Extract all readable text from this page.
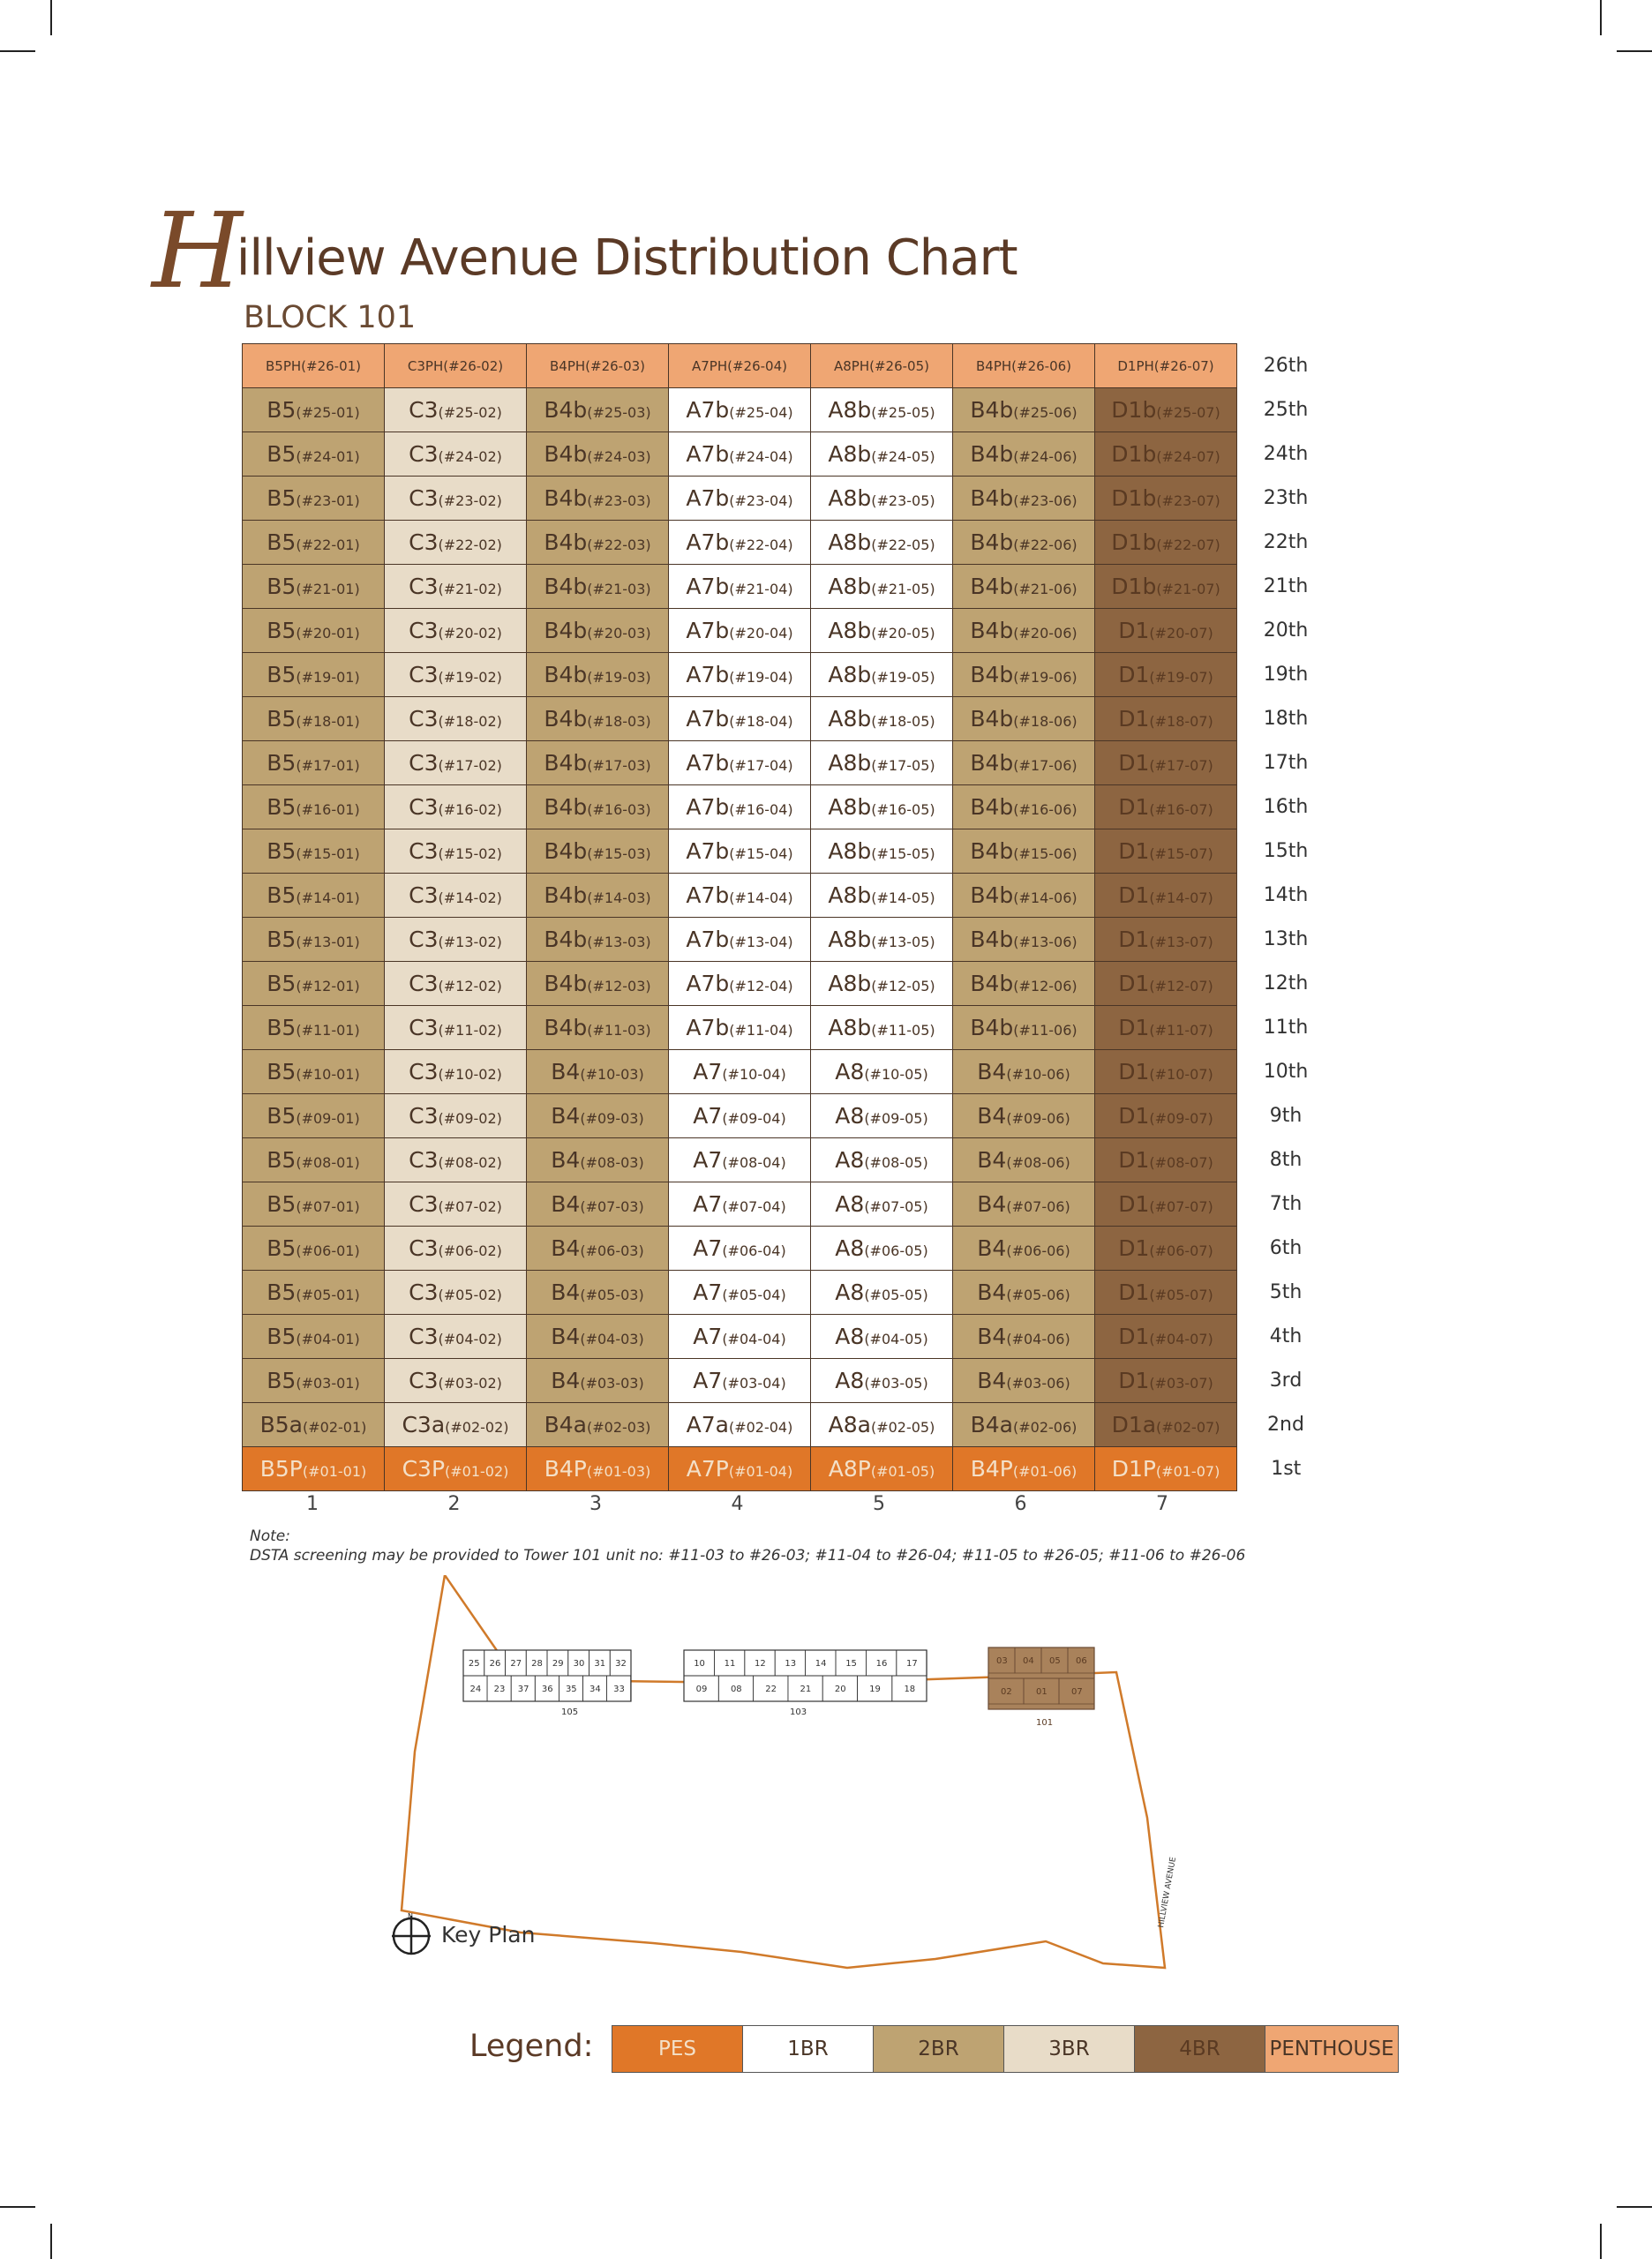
Hillview Avenue Distribution Chart
BLOCK 101
B5PH(#26-01)	C3PH(#26-02)	B4PH(#26-03)	A7PH(#26-04)	A8PH(#26-05)	B4PH(#26-06)	D1PH(#26-07)	26th
B5(#25-01)	C3(#25-02)	B4b(#25-03)	A7b(#25-04)	A8b(#25-05)	B4b(#25-06)	D1b(#25-07)	25th
B5(#24-01)	C3(#24-02)	B4b(#24-03)	A7b(#24-04)	A8b(#24-05)	B4b(#24-06)	D1b(#24-07)	24th
B5(#23-01)	C3(#23-02)	B4b(#23-03)	A7b(#23-04)	A8b(#23-05)	B4b(#23-06)	D1b(#23-07)	23th
B5(#22-01)	C3(#22-02)	B4b(#22-03)	A7b(#22-04)	A8b(#22-05)	B4b(#22-06)	D1b(#22-07)	22th
B5(#21-01)	C3(#21-02)	B4b(#21-03)	A7b(#21-04)	A8b(#21-05)	B4b(#21-06)	D1b(#21-07)	21th
B5(#20-01)	C3(#20-02)	B4b(#20-03)	A7b(#20-04)	A8b(#20-05)	B4b(#20-06)	D1(#20-07)	20th
B5(#19-01)	C3(#19-02)	B4b(#19-03)	A7b(#19-04)	A8b(#19-05)	B4b(#19-06)	D1(#19-07)	19th
B5(#18-01)	C3(#18-02)	B4b(#18-03)	A7b(#18-04)	A8b(#18-05)	B4b(#18-06)	D1(#18-07)	18th
B5(#17-01)	C3(#17-02)	B4b(#17-03)	A7b(#17-04)	A8b(#17-05)	B4b(#17-06)	D1(#17-07)	17th
B5(#16-01)	C3(#16-02)	B4b(#16-03)	A7b(#16-04)	A8b(#16-05)	B4b(#16-06)	D1(#16-07)	16th
B5(#15-01)	C3(#15-02)	B4b(#15-03)	A7b(#15-04)	A8b(#15-05)	B4b(#15-06)	D1(#15-07)	15th
B5(#14-01)	C3(#14-02)	B4b(#14-03)	A7b(#14-04)	A8b(#14-05)	B4b(#14-06)	D1(#14-07)	14th
B5(#13-01)	C3(#13-02)	B4b(#13-03)	A7b(#13-04)	A8b(#13-05)	B4b(#13-06)	D1(#13-07)	13th
B5(#12-01)	C3(#12-02)	B4b(#12-03)	A7b(#12-04)	A8b(#12-05)	B4b(#12-06)	D1(#12-07)	12th
B5(#11-01)	C3(#11-02)	B4b(#11-03)	A7b(#11-04)	A8b(#11-05)	B4b(#11-06)	D1(#11-07)	11th
B5(#10-01)	C3(#10-02)	B4(#10-03)	A7(#10-04)	A8(#10-05)	B4(#10-06)	D1(#10-07)	10th
B5(#09-01)	C3(#09-02)	B4(#09-03)	A7(#09-04)	A8(#09-05)	B4(#09-06)	D1(#09-07)	9th
B5(#08-01)	C3(#08-02)	B4(#08-03)	A7(#08-04)	A8(#08-05)	B4(#08-06)	D1(#08-07)	8th
B5(#07-01)	C3(#07-02)	B4(#07-03)	A7(#07-04)	A8(#07-05)	B4(#07-06)	D1(#07-07)	7th
B5(#06-01)	C3(#06-02)	B4(#06-03)	A7(#06-04)	A8(#06-05)	B4(#06-06)	D1(#06-07)	6th
B5(#05-01)	C3(#05-02)	B4(#05-03)	A7(#05-04)	A8(#05-05)	B4(#05-06)	D1(#05-07)	5th
B5(#04-01)	C3(#04-02)	B4(#04-03)	A7(#04-04)	A8(#04-05)	B4(#04-06)	D1(#04-07)	4th
B5(#03-01)	C3(#03-02)	B4(#03-03)	A7(#03-04)	A8(#03-05)	B4(#03-06)	D1(#03-07)	3rd
B5a(#02-01)	C3a(#02-02)	B4a(#02-03)	A7a(#02-04)	A8a(#02-05)	B4a(#02-06)	D1a(#02-07)	2nd
B5P(#01-01)	C3P(#01-02)	B4P(#01-03)	A7P(#01-04)	A8P(#01-05)	B4P(#01-06)	D1P(#01-07)	1st
1	2	3	4	5	6	7
Note:
DSTA screening may be provided to Tower 101 unit no: #11-03 to #26-03; #11-04 to #26-04; #11-05 to #26-05; #11-06 to #26-06
25 26 27 28 29 30 31 32
24 23 37 36 35 34 33
105
10 11 12 13 14 15 16 17
09	08	22	21	20	19	18
103
03 04 05 06
02	01	07
101
HILLVIEW AVENUE
N
Key Plan
Legend:	PES	1BR	2BR	3BR	4BR	PENTHOUSE
